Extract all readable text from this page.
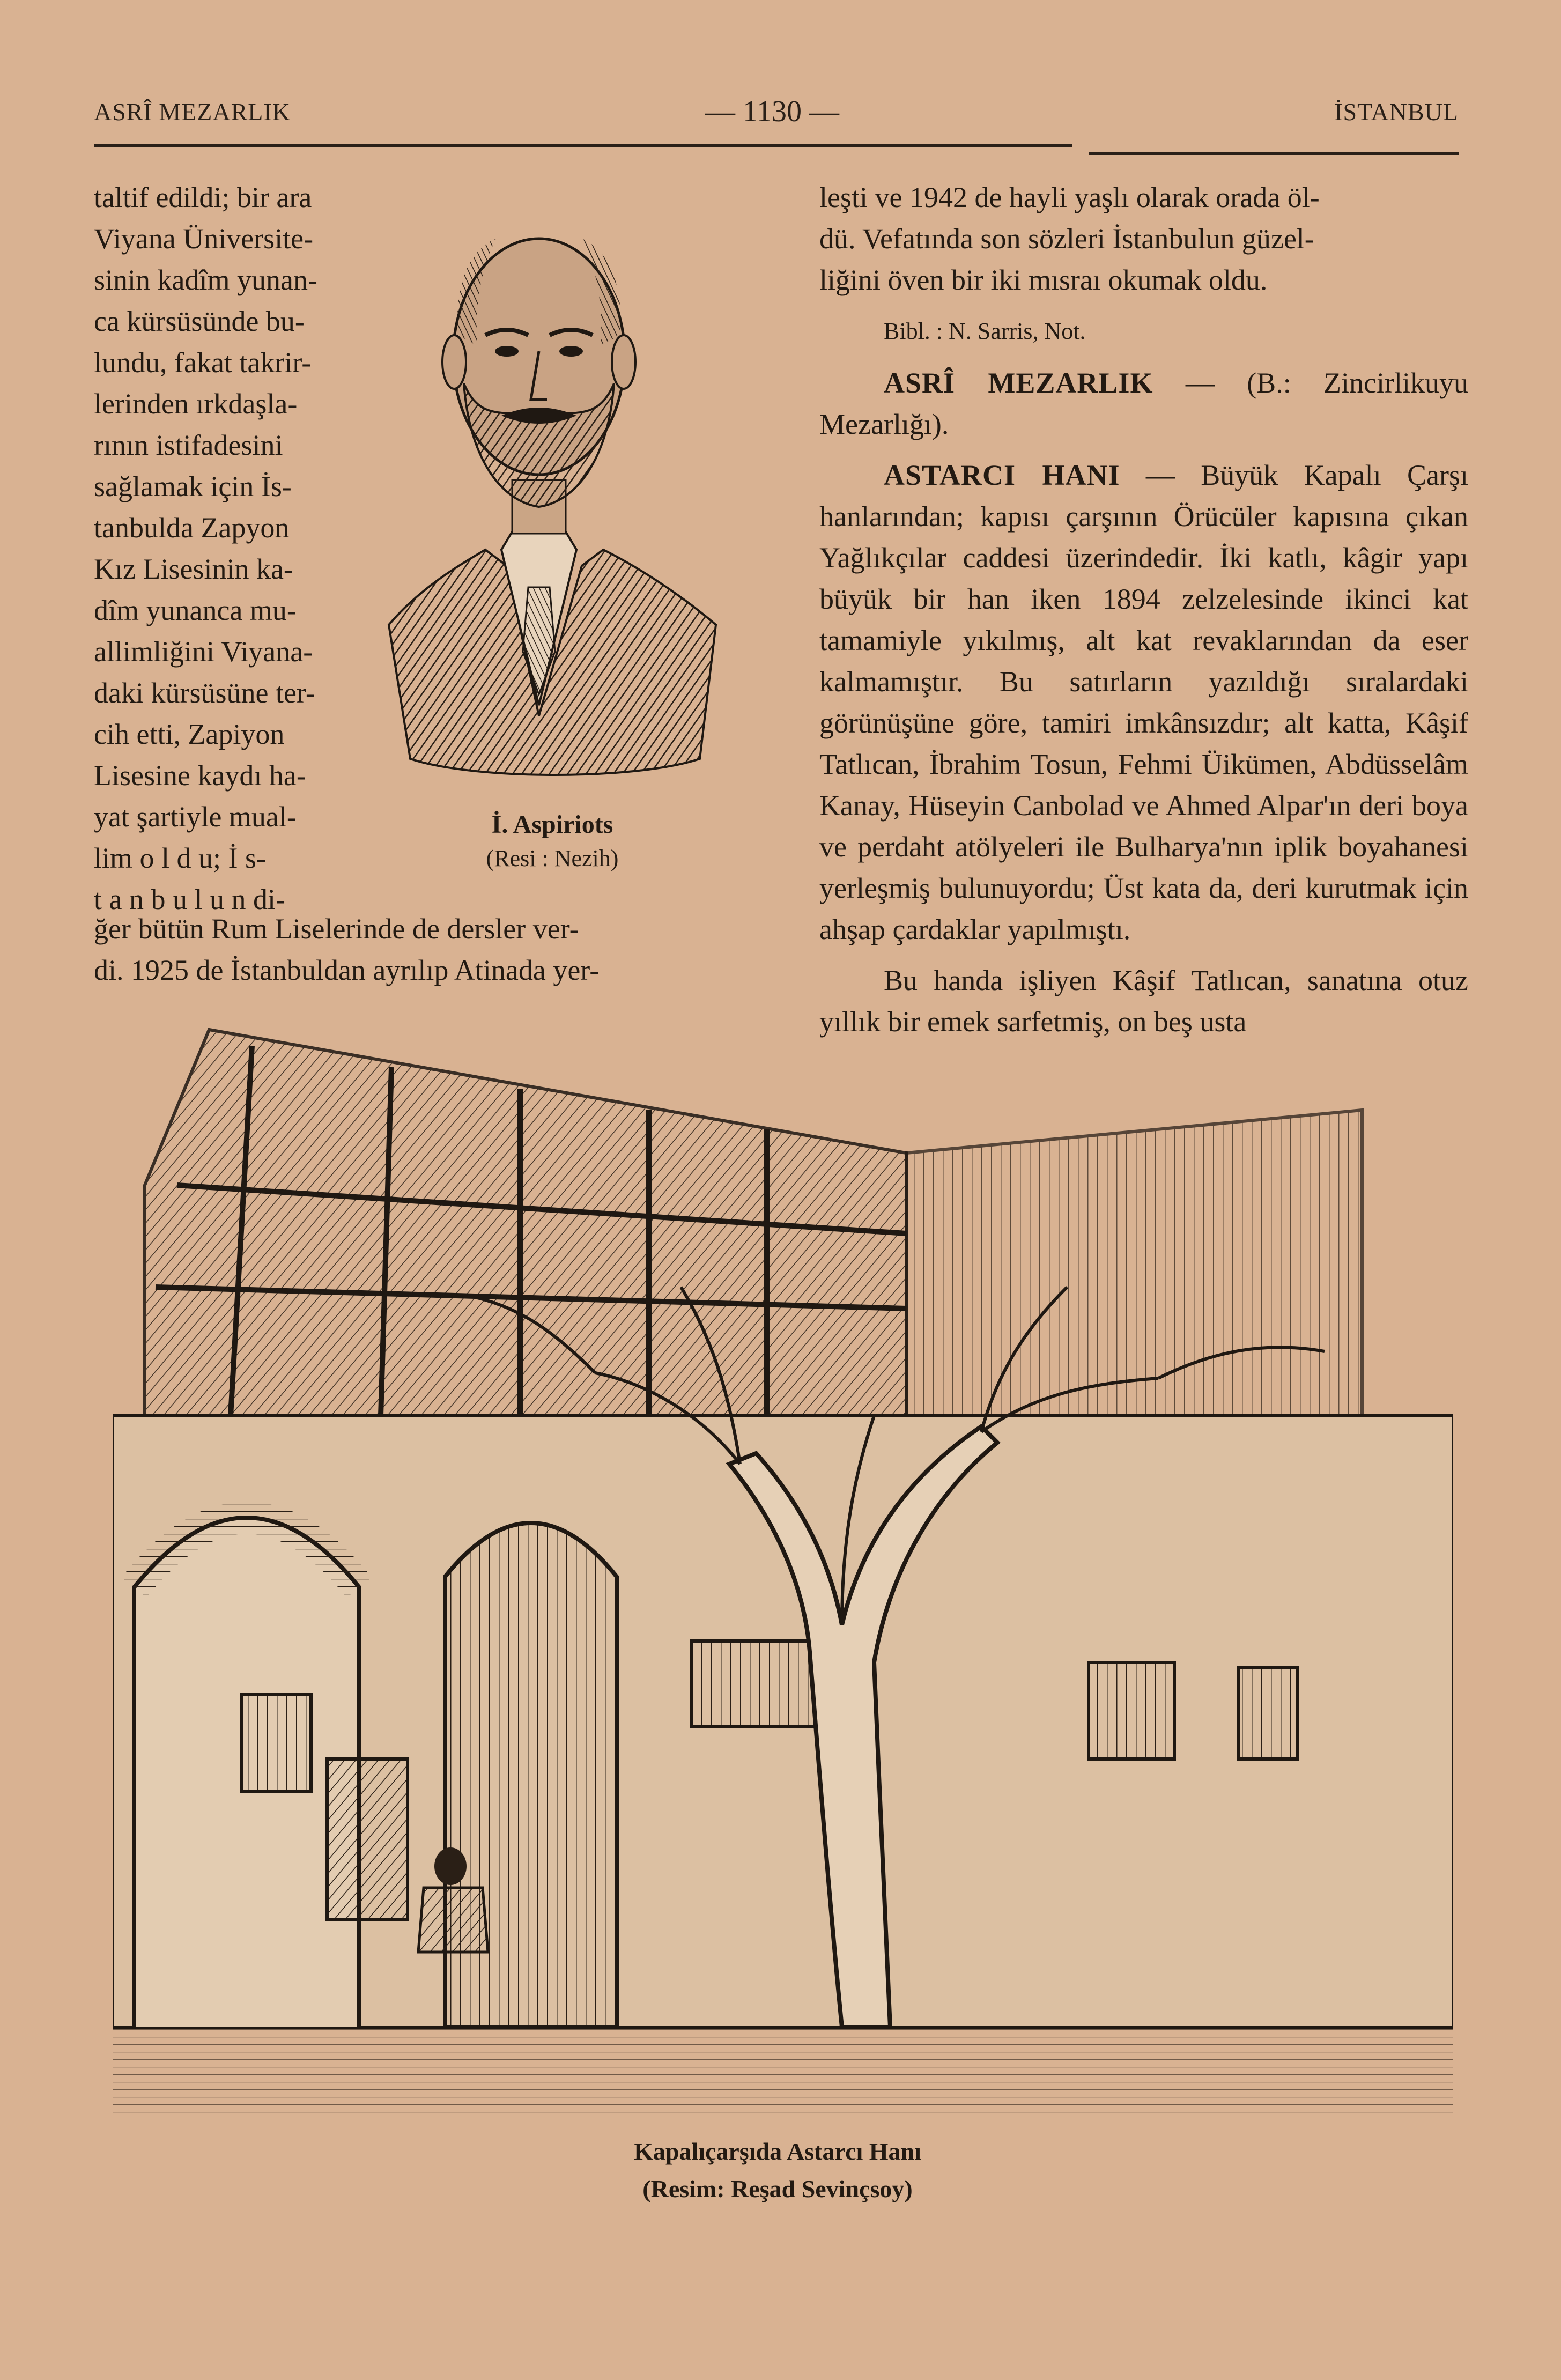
ASRÎ MEZARLIK	— 1130 —	İSTANBUL
taltif edildi; bir ara
Viyana Üniversite-
sinin kadîm yunan-
ca kürsüsünde bu-
lundu, fakat takrir-
lerinden ırkdaşla-
rının istifadesini
sağlamak için İs-
tanbulda Zapyon
Kız Lisesinin ka-
dîm yunanca mu-
allimliğini Viyana-
daki kürsüsüne ter-
cih etti, Zapiyon
Lisesine kaydı ha-
yat şartiyle mual-
lim o l d u; İ s-
t a n b u l u n di-
ğer bütün Rum Liselerinde de dersler ver-
di. 1925 de İstanbuldan ayrılıp Atinada yer-
İ. Aspiriots
(Resi : Nezih)

leşti ve 1942 de hayli yaşlı olarak orada öl-
dü. Vefatında son sözleri İstanbulun güzel-
liğini öven bir iki mısraı okumak oldu.

Bibl. : N. Sarris, Not.

ASRÎ MEZARLIK — (B.: Zincirlikuyu Mezarlığı).

ASTARCI HANI — Büyük Kapalı Çarşı hanlarından; kapısı çarşının Örücüler kapısına çıkan Yağlıkçılar caddesi üzerindedir. İki katlı, kâgir yapı büyük bir han iken 1894 zelzelesinde ikinci kat tamamiyle yıkılmış, alt kat revaklarından da eser kalmamıştır. Bu satırların yazıldığı sıralardaki görünüşüne göre, tamiri imkânsızdır; alt katta, Kâşif Tatlıcan, İbrahim Tosun, Fehmi Üikümen, Abdüsselâm Kanay, Hüseyin Canbolad ve Ahmed Alpar'ın deri boya ve perdaht atölyeleri ile Bulharya'nın iplik boyahanesi yerleşmiş bulunuyordu; Üst kata da, deri kurutmak için ahşap çardaklar yapılmıştı.

Bu handa işliyen Kâşif Tatlıcan, sanatına otuz yıllık bir emek sarfetmiş, on beş usta

Kapalıçarşıda Astarcı Hanı
(Resim: Reşad Sevinçsoy)
